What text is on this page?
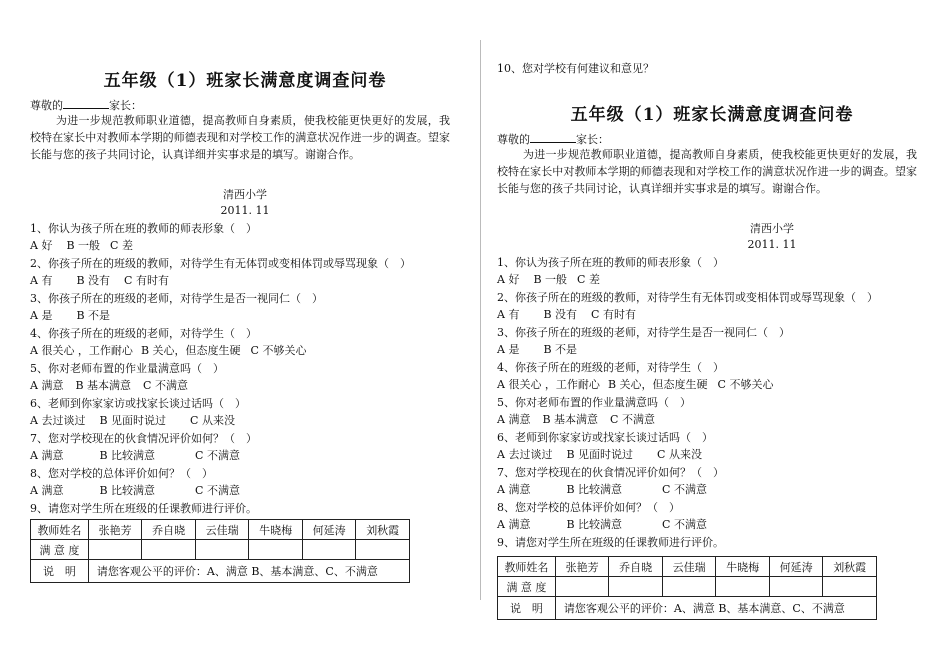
五年级（1）班家长满意度调查问卷
尊敬的	家长：
为进一步规范教师职业道德，提高教师自身素质，使我校能更快更好的发展，我校特在家长中对教师本学期的师德表现和对学校工作的满意状况作进一步的调查。望家长能与您的孩子共同讨论，认真详细并实事求是的填写。谢谢合作。
清西小学
2011. 11
1、你认为孩子所在班的教师的师表形象（　）
A 好 B 一般 C 差
2、你孩子所在的班级的教师，对待学生有无体罚或变相体罚或辱骂现象（　）
A 有 B 没有 C 有时有
3、你孩子所在的班级的老师，对待学生是否一视同仁（　）
A 是 B 不是
4、你孩子所在的班级的老师，对待学生（　）
A 很关心 ，工作耐心 B 关心，但态度生硬 C 不够关心
5、你对老师布置的作业量满意吗（　）
A 满意 B 基本满意 C 不满意
6、老师到你家家访或找家长谈过话吗（　）
A 去过谈过 B 见面时说过 C 从来没
7、您对学校现在的伙食情况评价如何？（　）
A 满意	B 比较满意	C 不满意
8、您对学校的总体评价如何？（　）
A 满意	B 比较满意	C 不满意
9、请您对学生所在班级的任课教师进行评价。
教师姓名	张艳芳	乔自晓	云佳瑞	牛晓梅	何延涛	刘秋霞
满 意 度						
说　明	请您客观公平的评价：A、满意 B、基本满意、C、不满意					
10、您对学校有何建议和意见？
五年级（1）班家长满意度调查问卷
尊敬的	家长：
为进一步规范教师职业道德，提高教师自身素质，使我校能更快更好的发展，我校特在家长中对教师本学期的师德表现和对学校工作的满意状况作进一步的调查。望家长能与您的孩子共同讨论，认真详细并实事求是的填写。谢谢合作。
清西小学
2011. 11
1、你认为孩子所在班的教师的师表形象（　）
A 好 B 一般 C 差
2、你孩子所在的班级的教师，对待学生有无体罚或变相体罚或辱骂现象（　）
A 有 B 没有 C 有时有
3、你孩子所在的班级的老师，对待学生是否一视同仁（　）
A 是 B 不是
4、你孩子所在的班级的老师，对待学生（　）
A 很关心 ，工作耐心 B 关心，但态度生硬 C 不够关心
5、你对老师布置的作业量满意吗（　）
A 满意 B 基本满意 C 不满意
6、老师到你家家访或找家长谈过话吗（　）
A 去过谈过 B 见面时说过 C 从来没
7、您对学校现在的伙食情况评价如何？（　）
A 满意	B 比较满意	C 不满意
8、您对学校的总体评价如何？（　）
A 满意	B 比较满意	C 不满意
9、请您对学生所在班级的任课教师进行评价。
教师姓名	张艳芳	乔自晓	云佳瑞	牛晓梅	何延涛	刘秋霞
满 意 度						
说　明	请您客观公平的评价：A、满意 B、基本满意、C、不满意					
